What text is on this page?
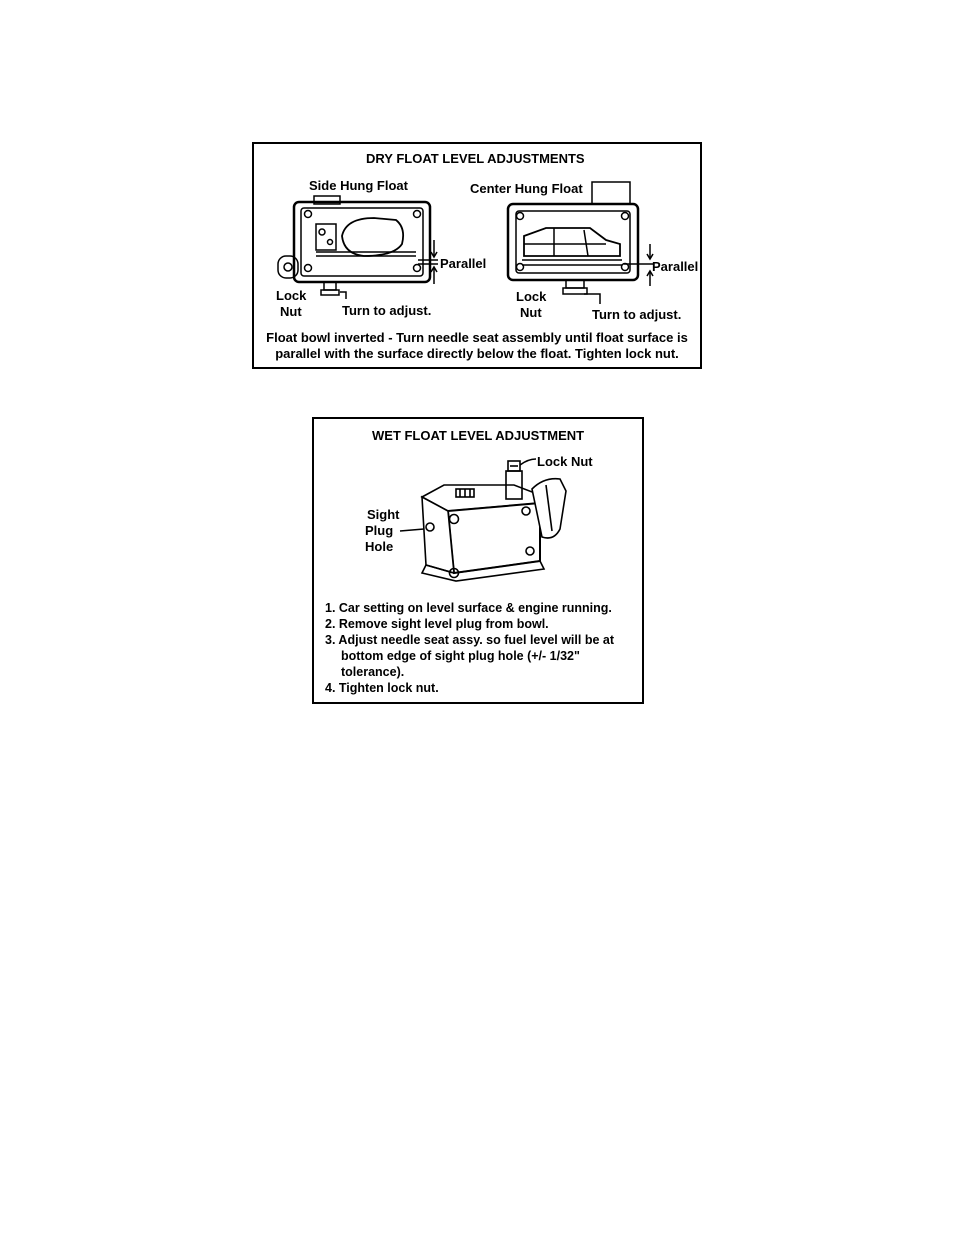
DRY FLOAT LEVEL ADJUSTMENTS
Side Hung Float
Parallel
Lock
Nut	Turn to adjust.
Center Hung Float
Parallel
Lock
Nut	Turn to adjust.
Float bowl inverted - Turn needle seat assembly until float surface is
parallel with the surface directly below the float. Tighten lock nut.
WET FLOAT LEVEL ADJUSTMENT
Lock Nut
Sight
Plug
Hole
1. Car setting on level surface & engine running.
2. Remove sight level plug from bowl.
3. Adjust needle seat assy. so fuel level will be at
bottom edge of sight plug hole (+/- 1/32"
tolerance).
4. Tighten lock nut.
